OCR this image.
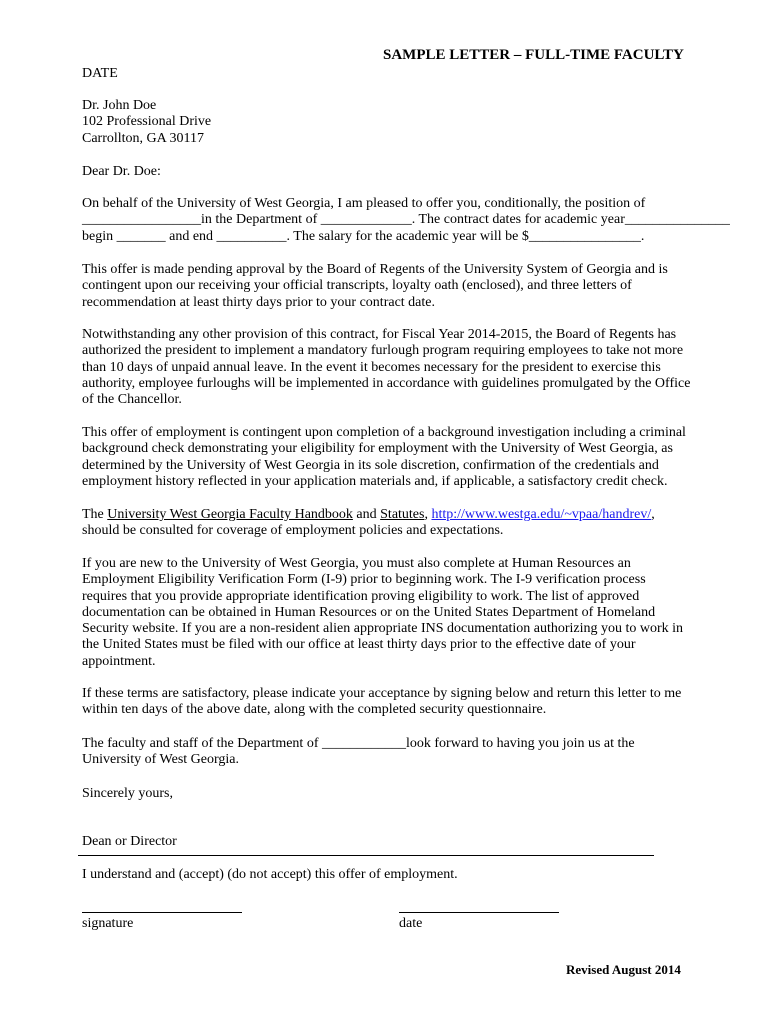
SAMPLE LETTER – FULL-TIME FACULTY
DATE
Dr. John Doe
102 Professional Drive
Carrollton, GA 30117
Dear Dr. Doe:
On behalf of the University of West Georgia, I am pleased to offer you, conditionally, the position of
_________________in the Department of _____________. The contract dates for academic year_______________
begin _______ and end __________. The salary for the academic year will be $________________.
This offer is made pending approval by the Board of Regents of the University System of Georgia and is
contingent upon our receiving your official transcripts, loyalty oath (enclosed), and three letters of
recommendation at least thirty days prior to your contract date.
Notwithstanding any other provision of this contract, for Fiscal Year 2014-2015, the Board of Regents has
authorized the president to implement a mandatory furlough program requiring employees to take not more
than 10 days of unpaid annual leave. In the event it becomes necessary for the president to exercise this
authority, employee furloughs will be implemented in accordance with guidelines promulgated by the Office
of the Chancellor.
This offer of employment is contingent upon completion of a background investigation including a criminal
background check demonstrating your eligibility for employment with the University of West Georgia, as
determined by the University of West Georgia in its sole discretion, confirmation of the credentials and
employment history reflected in your application materials and, if applicable, a satisfactory credit check.
The University West Georgia Faculty Handbook and Statutes, http://www.westga.edu/~vpaa/handrev/,
should be consulted for coverage of employment policies and expectations.
If you are new to the University of West Georgia, you must also complete at Human Resources an
Employment Eligibility Verification Form (I-9) prior to beginning work. The I-9 verification process
requires that you provide appropriate identification proving eligibility to work. The list of approved
documentation can be obtained in Human Resources or on the United States Department of Homeland
Security website. If you are a non-resident alien appropriate INS documentation authorizing you to work in
the United States must be filed with our office at least thirty days prior to the effective date of your
appointment.
If these terms are satisfactory, please indicate your acceptance by signing below and return this letter to me
within ten days of the above date, along with the completed security questionnaire.
The faculty and staff of the Department of ____________look forward to having you join us at the
University of West Georgia.
Sincerely yours,
Dean or Director
I understand and (accept) (do not accept) this offer of employment.
signature	date
Revised August 2014
